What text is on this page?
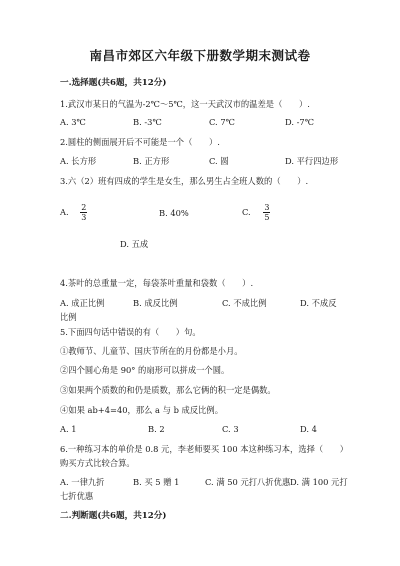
南昌市郊区六年级下册数学期末测试卷
一.选择题(共6题，共12分)
1.武汉市某日的气温为-2℃～5℃，这一天武汉市的温差是（　　）.
A. 3℃	B. -3℃	C. 7℃	D. -7℃
2.圆柱的侧面展开后不可能是一个（　　）.
A. 长方形	B. 正方形	C. 圆	D. 平行四边形
3.六（2）班有四成的学生是女生，那么男生占全班人数的（　　）.
A. $\frac{2}{3}$	B. 40%	C. $\frac{3}{5}$
D. 五成
4.茶叶的总重量一定，每袋茶叶重量和袋数（　　）.
A. 成正比例	B. 成反比例	C. 不成比例	D. 不成反
比例
5.下面四句话中错误的有（　　）句。
①教师节、儿童节、国庆节所在的月份都是小月。
②四个圆心角是 90° 的扇形可以拼成一个圆。
③如果两个质数的和仍是质数，那么它俩的积一定是偶数。
④如果 ab+4=40，那么 a 与 b 成反比例。
A. 1	B. 2	C. 3	D. 4
6.一种练习本的单价是 0.8 元，李老师要买 100 本这种练习本，选择（　　）
购买方式比较合算。
A. 一律九折	B. 买 5 赠 1	C. 满 50 元打八折优惠 D. 满 100 元打
七折优惠
二.判断题(共6题，共12分)
